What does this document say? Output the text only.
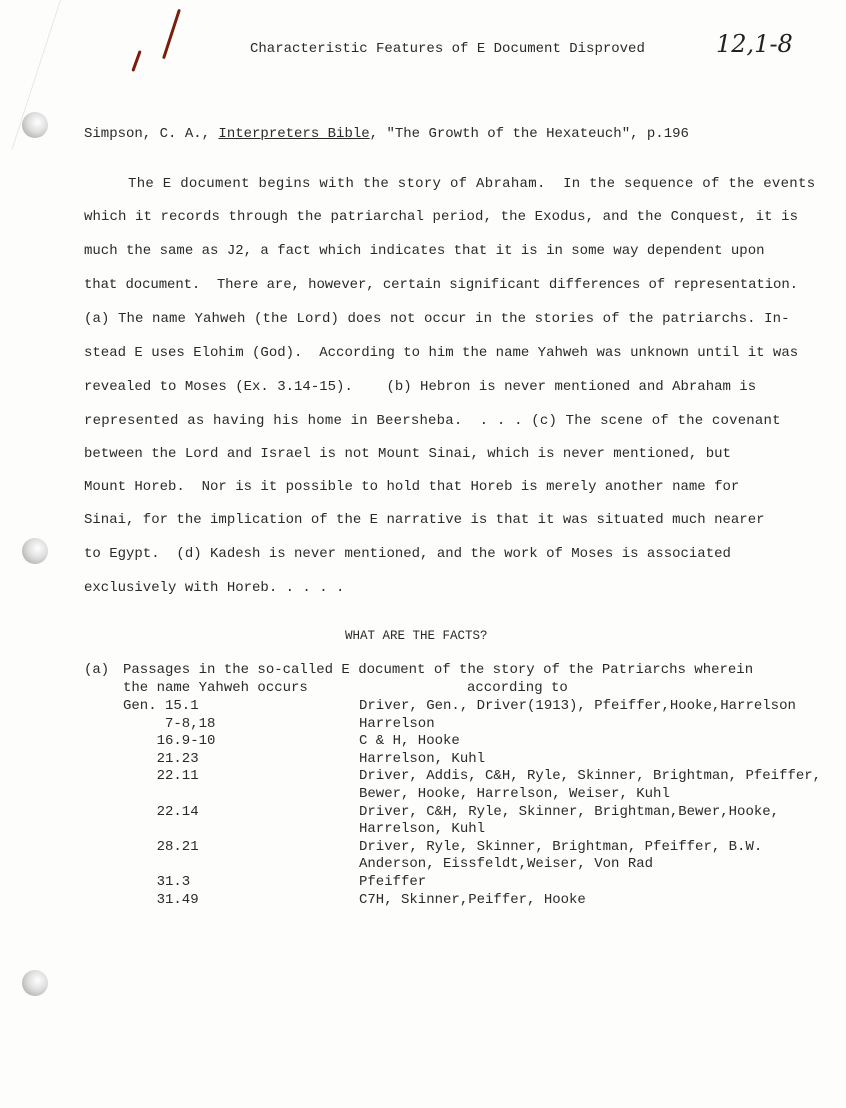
Characteristic Features of E Document Disproved	12,1-8
Simpson, C. A., Interpreters Bible, "The Growth of the Hexateuch", p.196
The E document begins with the story of Abraham.  In the sequence of the events
which it records through the patriarchal period, the Exodus, and the Conquest, it is
much the same as J2, a fact which indicates that it is in some way dependent upon
that document.  There are, however, certain significant differences of representation.
(a) The name Yahweh (the Lord) does not occur in the stories of the patriarchs. In-
stead E uses Elohim (God).  According to him the name Yahweh was unknown until it was
revealed to Moses (Ex. 3.14-15).    (b) Hebron is never mentioned and Abraham is
represented as having his home in Beersheba.  . . . (c) The scene of the covenant
between the Lord and Israel is not Mount Sinai, which is never mentioned, but
Mount Horeb.  Nor is it possible to hold that Horeb is merely another name for
Sinai, for the implication of the E narrative is that it was situated much nearer
to Egypt.  (d) Kadesh is never mentioned, and the work of Moses is associated
exclusively with Horeb. . . . .
WHAT ARE THE FACTS?
(a) Passages in the so-called E document of the story of the Patriarchs wherein
the name Yahweh occurs	according to
Gen. 15.1	Driver, Gen., Driver(1913), Pfeiffer,Hooke,Harrelson
7-8,18	Harrelson
16.9-10	C & H, Hooke
21.23	Harrelson, Kuhl
22.11	Driver, Addis, C&H, Ryle, Skinner, Brightman, Pfeiffer,
Bewer, Hooke, Harrelson, Weiser, Kuhl
22.14	Driver, C&H, Ryle, Skinner, Brightman,Bewer,Hooke,
Harrelson, Kuhl
28.21	Driver, Ryle, Skinner, Brightman, Pfeiffer, B.W.
Anderson, Eissfeldt,Weiser, Von Rad
31.3	Pfeiffer
31.49	C7H, Skinner,Peiffer, Hooke
